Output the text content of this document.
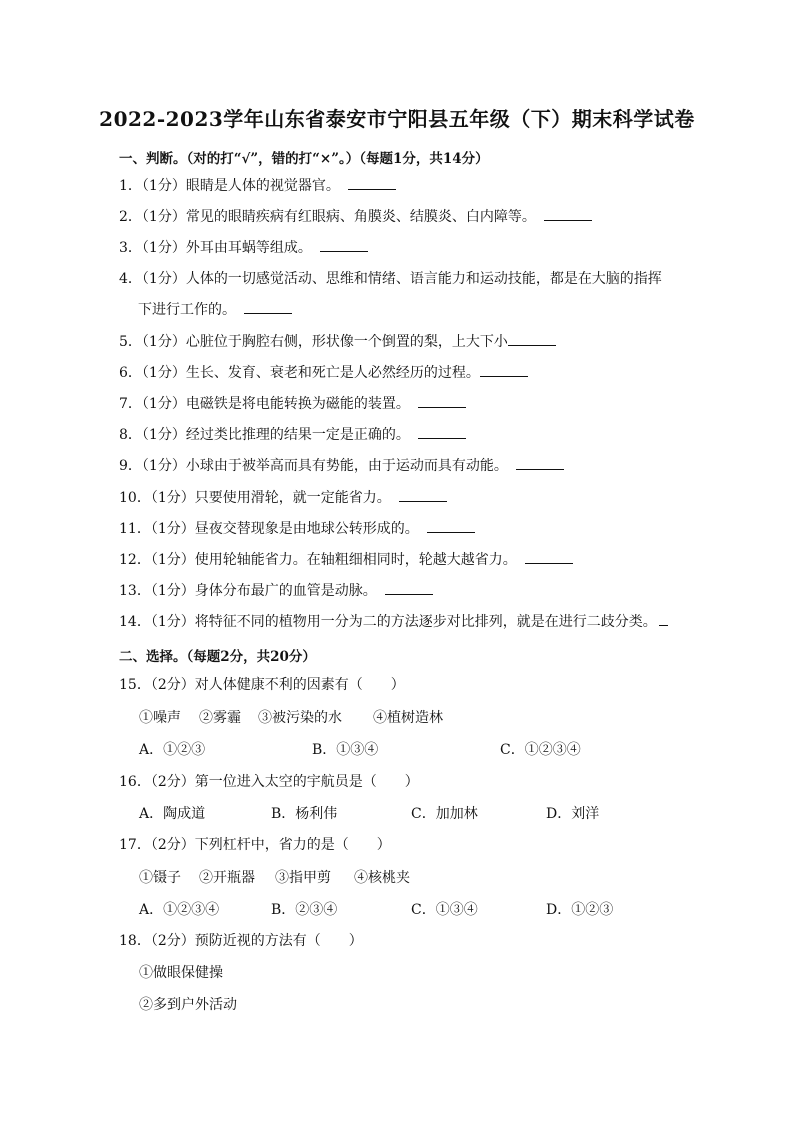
2022-2023学年山东省泰安市宁阳县五年级（下）期末科学试卷
一、判断。（对的打“√”，错的打“×”。）（每题1分，共14分）
1．（1分）眼睛是人体的视觉器官。
2．（1分）常见的眼睛疾病有红眼病、角膜炎、结膜炎、白内障等。
3．（1分）外耳由耳蜗等组成。
4．（1分）人体的一切感觉活动、思维和情绪、语言能力和运动技能，都是在大脑的指挥
下进行工作的。
5．（1分）心脏位于胸腔右侧，形状像一个倒置的梨，上大下小
6．（1分）生长、发育、衰老和死亡是人必然经历的过程。
7．（1分）电磁铁是将电能转换为磁能的装置。
8．（1分）经过类比推理的结果一定是正确的。
9．（1分）小球由于被举高而具有势能，由于运动而具有动能。
10．（1分）只要使用滑轮，就一定能省力。
11．（1分）昼夜交替现象是由地球公转形成的。
12．（1分）使用轮轴能省力。在轴粗细相同时，轮越大越省力。
13．（1分）身体分布最广的血管是动脉。
14．（1分）将特征不同的植物用一分为二的方法逐步对比排列，就是在进行二歧分类。
二、选择。（每题2分，共20分）
15．（2分）对人体健康不利的因素有（　　）
①噪声 ②雾霾 ③被污染的水 ④植树造林
A．①②③	B．①③④	C．①②③④
16．（2分）第一位进入太空的宇航员是（　　）
A．陶成道	B．杨利伟	C．加加林	D．刘洋
17．（2分）下列杠杆中，省力的是（　　）
①镊子 ②开瓶器 ③指甲剪 ④核桃夹
A．①②③④	B．②③④	C．①③④	D．①②③
18．（2分）预防近视的方法有（　　）
①做眼保健操
②多到户外活动
